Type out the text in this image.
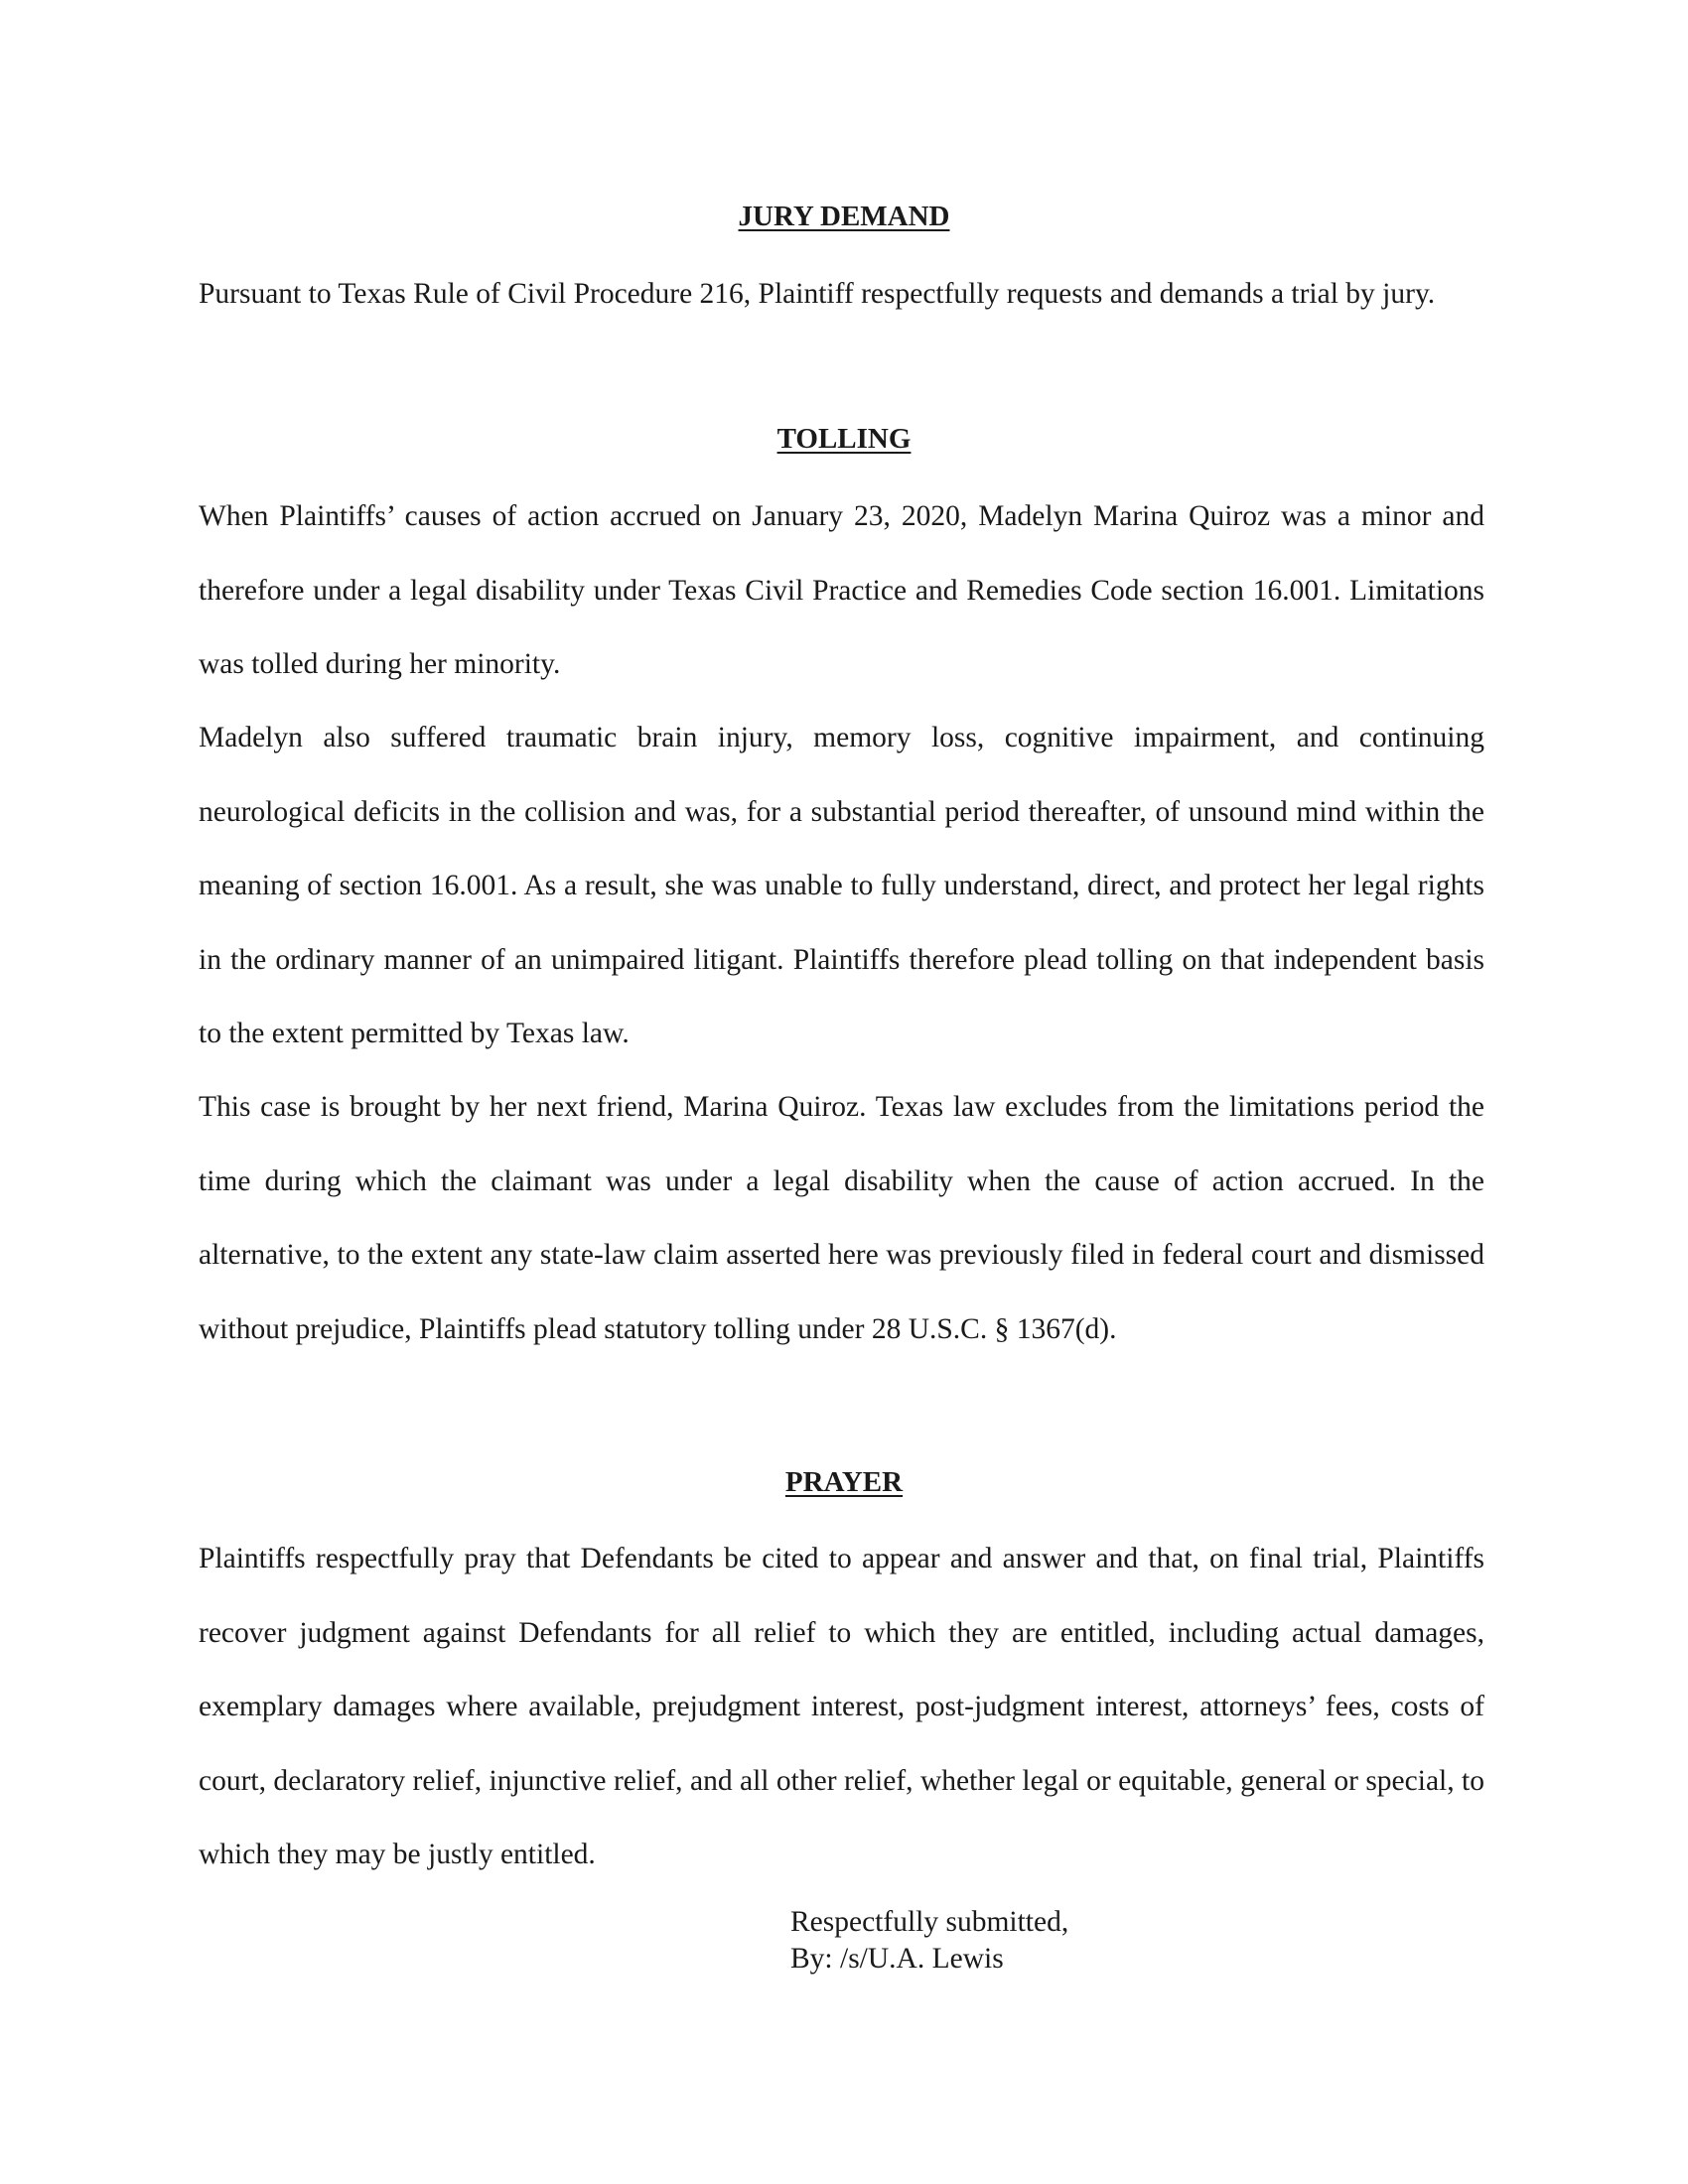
JURY DEMAND

Pursuant to Texas Rule of Civil Procedure 216, Plaintiff respectfully requests and demands a trial by jury.

TOLLING

When Plaintiffs’ causes of action accrued on January 23, 2020, Madelyn Marina Quiroz was a minor and therefore under a legal disability under Texas Civil Practice and Remedies Code section 16.001. Limitations was tolled during her minority.

Madelyn also suffered traumatic brain injury, memory loss, cognitive impairment, and continuing neurological deficits in the collision and was, for a substantial period thereafter, of unsound mind within the meaning of section 16.001. As a result, she was unable to fully understand, direct, and protect her legal rights in the ordinary manner of an unimpaired litigant. Plaintiffs therefore plead tolling on that independent basis to the extent permitted by Texas law.

This case is brought by her next friend, Marina Quiroz. Texas law excludes from the limitations period the time during which the claimant was under a legal disability when the cause of action accrued. In the alternative, to the extent any state-law claim asserted here was previously filed in federal court and dismissed without prejudice, Plaintiffs plead statutory tolling under 28 U.S.C. § 1367(d).

PRAYER

Plaintiffs respectfully pray that Defendants be cited to appear and answer and that, on final trial, Plaintiffs recover judgment against Defendants for all relief to which they are entitled, including actual damages, exemplary damages where available, prejudgment interest, post-judgment interest, attorneys’ fees, costs of court, declaratory relief, injunctive relief, and all other relief, whether legal or equitable, general or special, to which they may be justly entitled.

Respectfully submitted,
By: /s/U.A. Lewis
